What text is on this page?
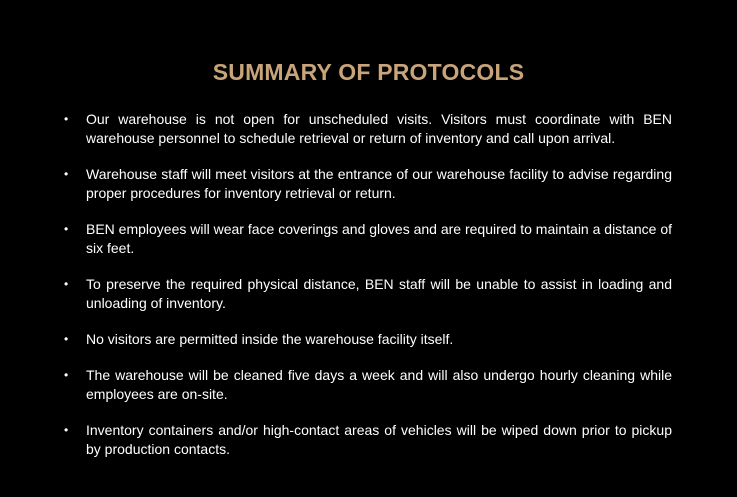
SUMMARY OF PROTOCOLS
• Our warehouse is not open for unscheduled visits. Visitors must coordinate with BEN warehouse personnel to schedule retrieval or return of inventory and call upon arrival.
• Warehouse staff will meet visitors at the entrance of our warehouse facility to advise regarding proper procedures for inventory retrieval or return.
• BEN employees will wear face coverings and gloves and are required to maintain a distance of six feet.
• To preserve the required physical distance, BEN staff will be unable to assist in loading and unloading of inventory.
• No visitors are permitted inside the warehouse facility itself.
• The warehouse will be cleaned five days a week and will also undergo hourly cleaning while employees are on-site.
• Inventory containers and/or high-contact areas of vehicles will be wiped down prior to pickup by production contacts.
